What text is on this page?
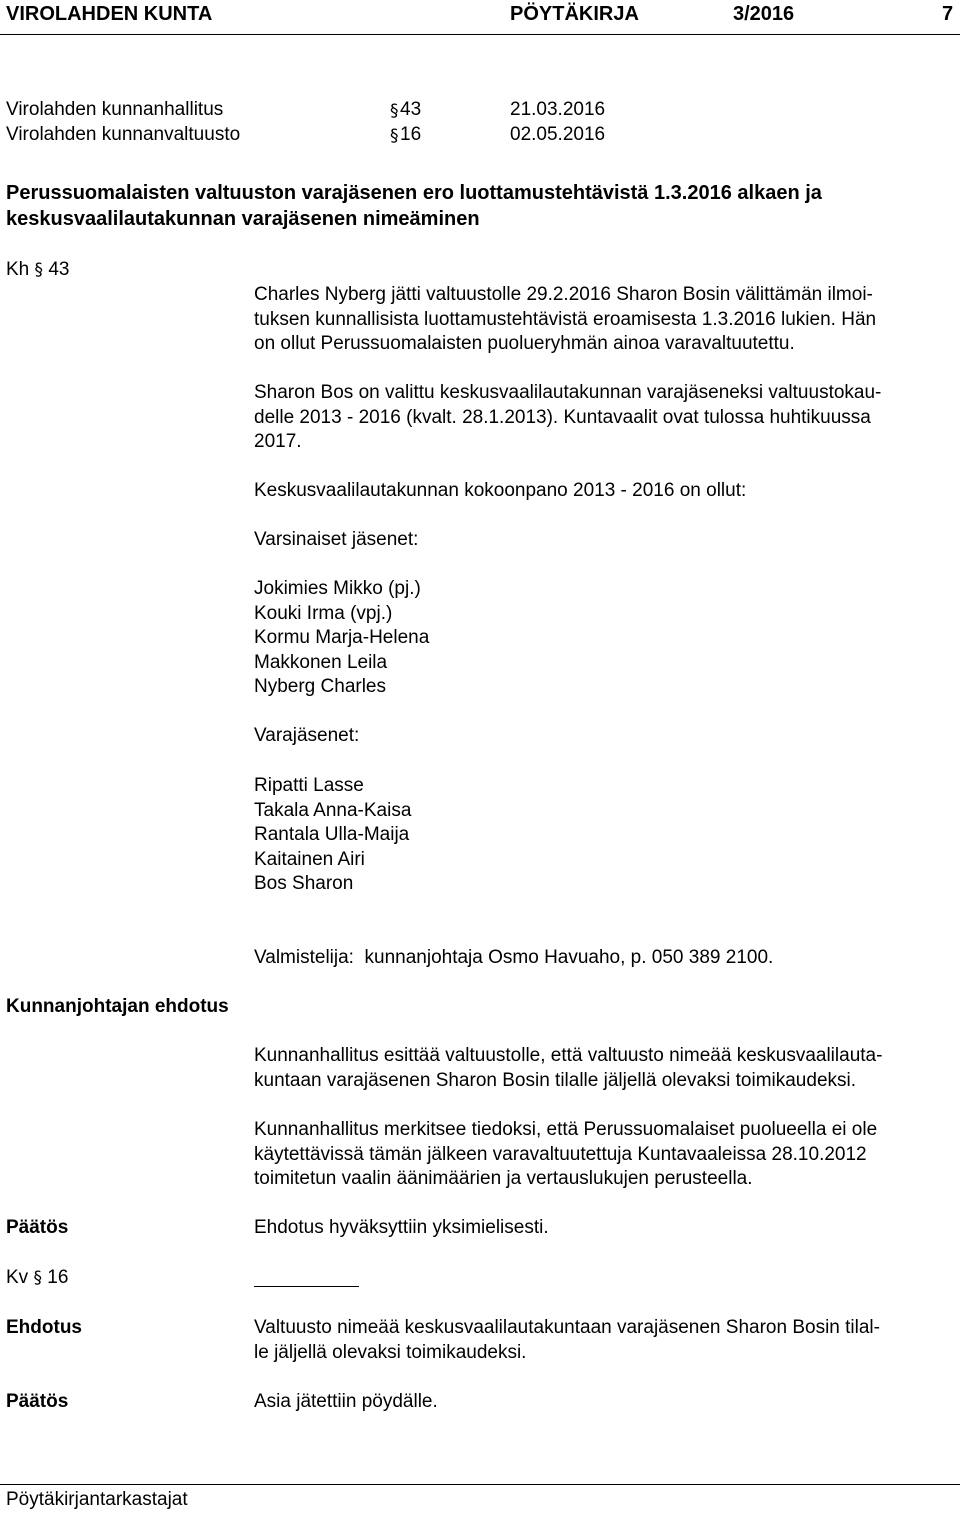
VIROLAHDEN KUNTA	PÖYTÄKIRJA	3/2016	7
Virolahden kunnanhallitus	§ 43	21.03.2016
Virolahden kunnanvaltuusto	§ 16	02.05.2016
Perussuomalaisten valtuuston varajäsenen ero luottamustehtävistä 1.3.2016 alkaen ja
keskusvaalilautakunnan varajäsenen nimeäminen
Kh § 43
Charles Nyberg jätti valtuustolle 29.2.2016 Sharon Bosin välittämän ilmoi-
tuksen kunnallisista luottamustehtävistä eroamisesta 1.3.2016 lukien. Hän
on ollut Perussuomalaisten puolueryhmän ainoa varavaltuutettu.
Sharon Bos on valittu keskusvaalilautakunnan varajäseneksi valtuustokau-
delle 2013 - 2016 (kvalt. 28.1.2013). Kuntavaalit ovat tulossa huhtikuussa
2017.
Keskusvaalilautakunnan kokoonpano 2013 - 2016 on ollut:
Varsinaiset jäsenet:
Jokimies Mikko (pj.)
Kouki Irma (vpj.)
Kormu Marja-Helena
Makkonen Leila
Nyberg Charles
Varajäsenet:
Ripatti Lasse
Takala Anna-Kaisa
Rantala Ulla-Maija
Kaitainen Airi
Bos Sharon
Valmistelija:  kunnanjohtaja Osmo Havuaho, p. 050 389 2100.
Kunnanjohtajan ehdotus
Kunnanhallitus esittää valtuustolle, että valtuusto nimeää keskusvaalilauta-
kuntaan varajäsenen Sharon Bosin tilalle jäljellä olevaksi toimikaudeksi.
Kunnanhallitus merkitsee tiedoksi, että Perussuomalaiset puolueella ei ole
käytettävissä tämän jälkeen varavaltuutettuja Kuntavaaleissa 28.10.2012
toimitetun vaalin äänimäärien ja vertauslukujen perusteella.
Päätös	Ehdotus hyväksyttiin yksimielisesti.
Kv § 16
Ehdotus	Valtuusto nimeää keskusvaalilautakuntaan varajäsenen Sharon Bosin tilal-
le jäljellä olevaksi toimikaudeksi.
Päätös	Asia jätettiin pöydälle.
Pöytäkirjantarkastajat
